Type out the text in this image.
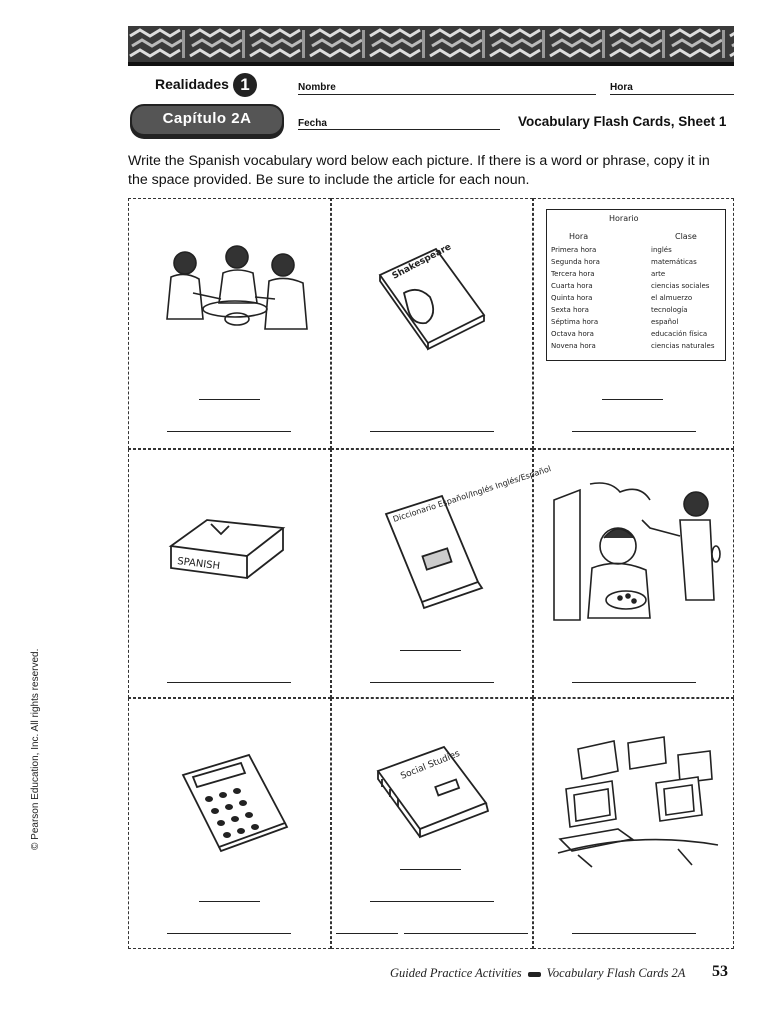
Realidades 1
Capítulo 2A
Nombre	Hora
Fecha	Vocabulary Flash Cards, Sheet 1
Write the Spanish vocabulary word below each picture. If there is a word or phrase, copy it in the space provided. Be sure to include the article for each noun.
Shakespeare
Horario
Hora	Clase
Primera hora	inglés
Segunda hora	matemáticas
Tercera hora	arte
Cuarta hora	ciencias sociales
Quinta hora	el almuerzo
Sexta hora	tecnología
Séptima hora	español
Octava hora	educación física
Novena hora	ciencias naturales
SPANISH
Diccionario Español/Inglés Inglés/Español
Social Studies
Guided Practice Activities Vocabulary Flash Cards 2A 53
© Pearson Education, Inc. All rights reserved.
